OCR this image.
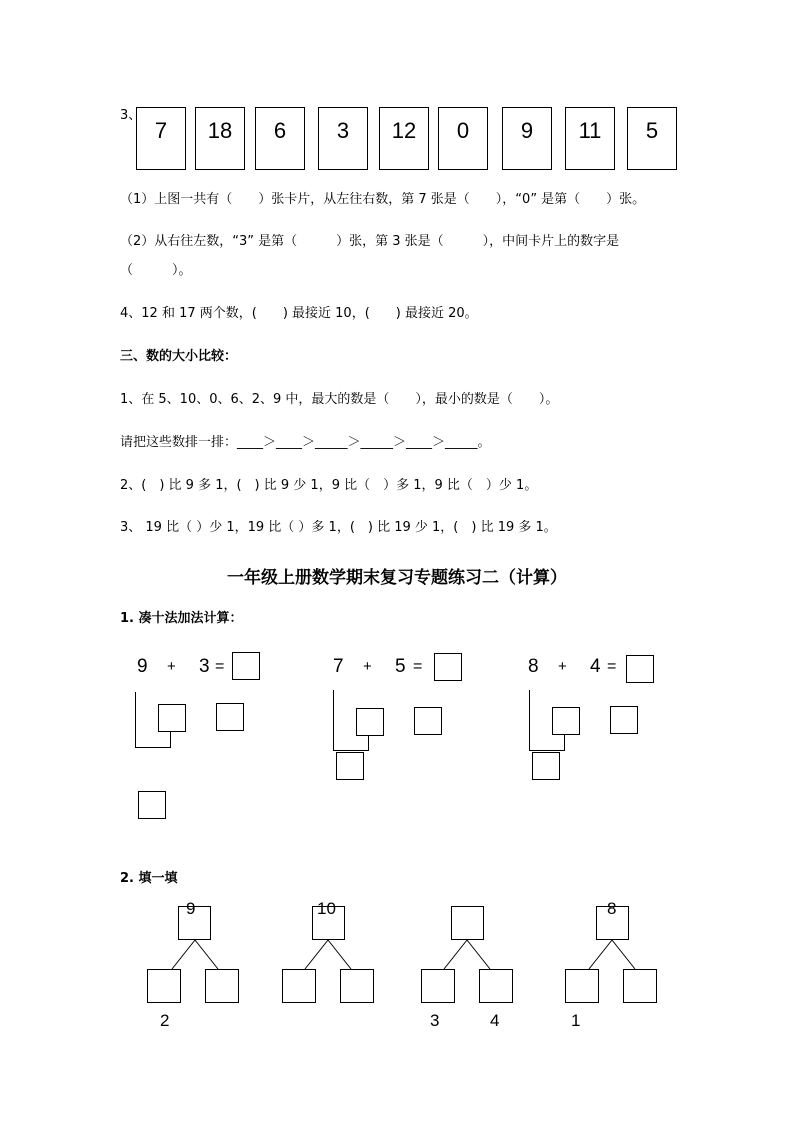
3、
7	18	6	3	12	0	9	11	5
（1）上图一共有（　　）张卡片，从左往右数，第 7 张是（　　），“0” 是第（　　）张。
（2）从右往左数，“3” 是第（　　　）张，第 3 张是（　　　），中间卡片上的数字是
（　　　）。
4、12 和 17 两个数，(　　) 最接近 10，(　　) 最接近 20。
三、数的大小比较：
1、在 5、10、0、6、2、9 中，最大的数是（　　），最小的数是（　　）。
请把这些数排一排：____＞____＞_____＞_____＞____＞_____。
2、(　) 比 9 多 1，(　) 比 9 少 1，9 比（　）多 1，9 比（　）少 1。
3、 19 比（ ）少 1，19 比（ ）多 1，(　) 比 19 少 1，(　) 比 19 多 1。
一年级上册数学期末复习专题练习二（计算）
1. 凑十法加法计算：
9 + 3 =	7 + 5 =	8 + 4 =
2. 填一填
9
2
10
3	4
8
1
